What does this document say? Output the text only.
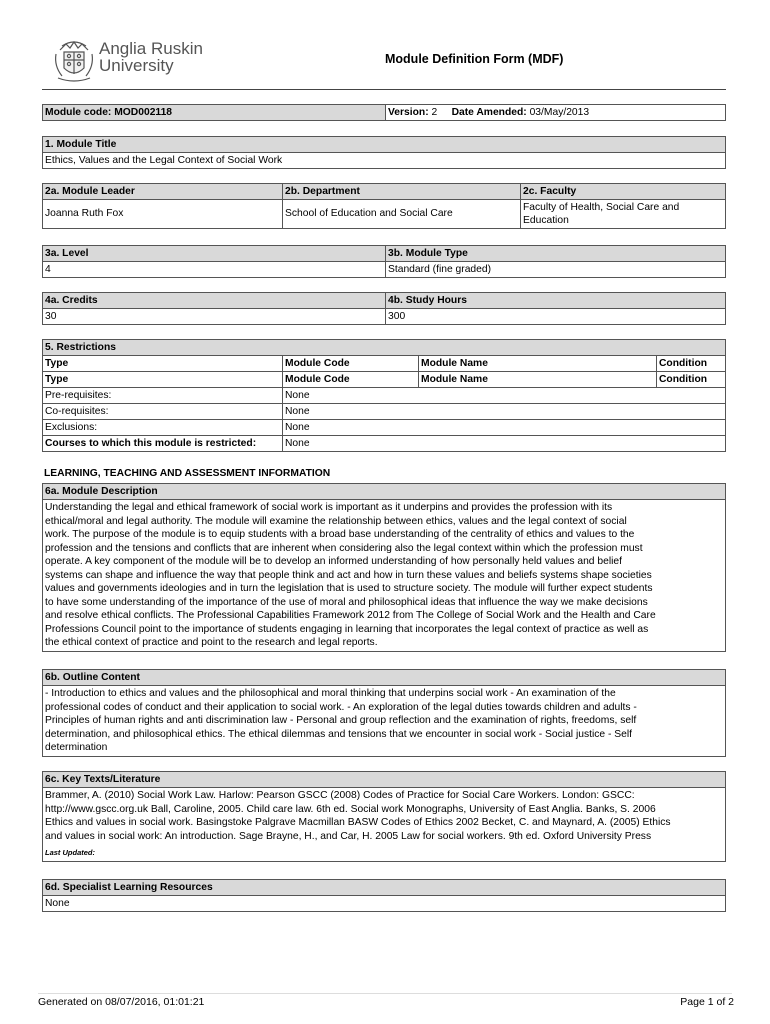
Anglia Ruskin
University	Module Definition Form (MDF)
Module code: MOD002118	Version: 2 Date Amended: 03/May/2013
1. Module Title
Ethics, Values and the Legal Context of Social Work
2a. Module Leader	2b. Department	2c. Faculty
Joanna Ruth Fox	School of Education and Social Care	Faculty of Health, Social Care and Education
3a. Level	3b. Module Type
4	Standard (fine graded)
4a. Credits	4b. Study Hours
30	300
5. Restrictions			
Type	Module Code	Module Name	Condition
Type	Module Code	Module Name	Condition
Pre-requisites:	None		
Co-requisites:	None		
Exclusions:	None		
Courses to which this module is restricted:	None		
LEARNING, TEACHING AND ASSESSMENT INFORMATION
6a. Module Description

Understanding the legal and ethical framework of social work is important as it underpins and provides the profession with its
ethical/moral and legal authority. The module will examine the relationship between ethics, values and the legal context of social
work. The purpose of the module is to equip students with a broad base understanding of the centrality of ethics and values to the
profession and the tensions and conflicts that are inherent when considering also the legal context within which the profession must
operate. A key component of the module will be to develop an informed understanding of how personally held values and belief
systems can shape and influence the way that people think and act and how in turn these values and beliefs systems shape societies
values and governments ideologies and in turn the legislation that is used to structure society. The module will further expect students
to have some understanding of the importance of the use of moral and philosophical ideas that influence the way we make decisions
and resolve ethical conflicts. The Professional Capabilities Framework 2012 from The College of Social Work and the Health and Care
Professions Council point to the importance of students engaging in learning that incorporates the legal context of practice as well as
the ethical context of practice and point to the research and legal reports.
6b. Outline Content

- Introduction to ethics and values and the philosophical and moral thinking that underpins social work - An examination of the
professional codes of conduct and their application to social work. - An exploration of the legal duties towards children and adults -
Principles of human rights and anti discrimination law - Personal and group reflection and the examination of rights, freedoms, self
determination, and philosophical ethics. The ethical dilemmas and tensions that we encounter in social work - Social justice - Self
determination
6c. Key Texts/Literature

Brammer, A. (2010) Social Work Law. Harlow: Pearson GSCC (2008) Codes of Practice for Social Care Workers. London: GSCC:
http://www.gscc.org.uk Ball, Caroline, 2005. Child care law. 6th ed. Social work Monographs, University of East Anglia. Banks, S. 2006
Ethics and values in social work. Basingstoke Palgrave Macmillan BASW Codes of Ethics 2002 Becket, C. and Maynard, A. (2005) Ethics
and values in social work: An introduction. Sage Brayne, H., and Car, H. 2005 Law for social workers. 9th ed. Oxford University Press
Last Updated:
6d. Specialist Learning Resources
None
Generated on 08/07/2016, 01:01:21	Page 1 of 2
